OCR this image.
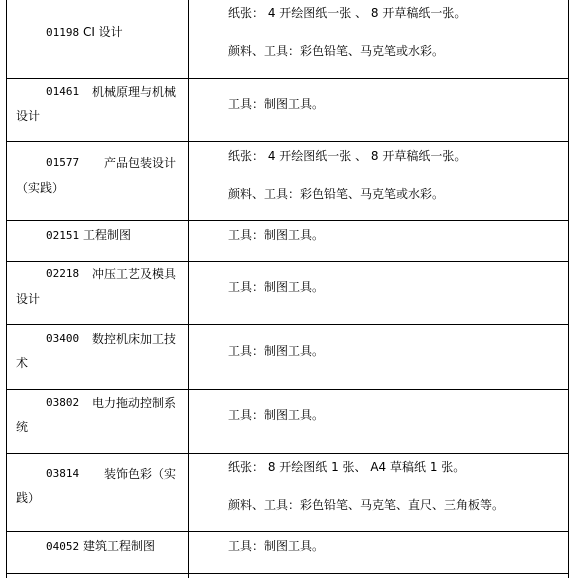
01198 CI 设计
纸张： 4 开绘图纸一张 、 8 开草稿纸一张。
颜料、工具：彩色铅笔、马克笔或水彩。
01461 机械原理与机械
设计
工具：制图工具。
01577 产品包装设计
（实践）
纸张： 4 开绘图纸一张 、 8 开草稿纸一张。
颜料、工具：彩色铅笔、马克笔或水彩。
02151 工程制图	工具：制图工具。
02218 冲压工艺及模具
设计
工具：制图工具。
03400 数控机床加工技
术
工具：制图工具。
03802 电力拖动控制系
统
工具：制图工具。
03814 装饰色彩（实
践）
纸张： 8 开绘图纸 1 张、 A4 草稿纸 1 张。
颜料、工具：彩色铅笔、马克笔、直尺、三角板等。
04052 建筑工程制图	工具：制图工具。
